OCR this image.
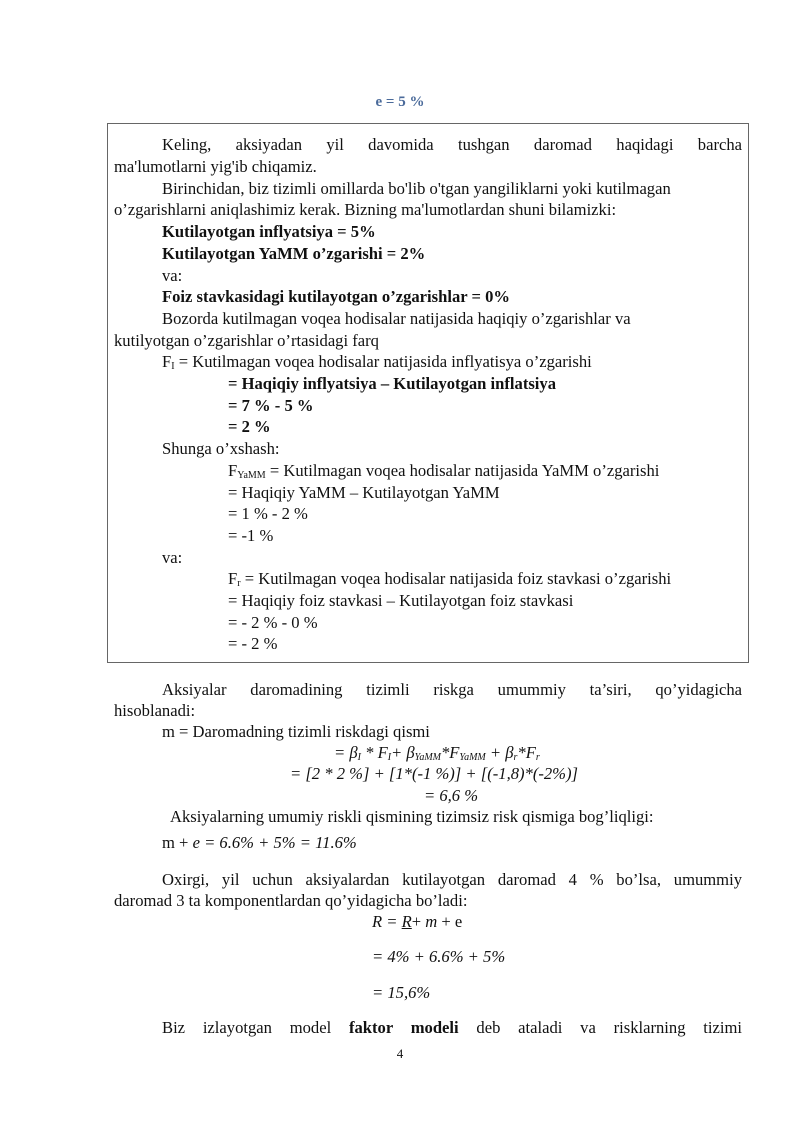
e = 5 %
Keling, aksiyadan yil davomida tushgan daromad haqidagi barcha
ma'lumotlarni yig'ib chiqamiz.
Birinchidan, biz tizimli omillarda bo'lib o'tgan yangiliklarni yoki kutilmagan
o’zgarishlarni aniqlashimiz kerak. Bizning ma'lumotlardan shuni bilamizki:
Kutilayotgan inflyatsiya = 5%
Kutilayotgan YaMM o’zgarishi = 2%
va:
Foiz stavkasidagi kutilayotgan o’zgarishlar = 0%
Bozorda kutilmagan voqea hodisalar natijasida haqiqiy o’zgarishlar va
kutilyotgan o’zgarishlar o’rtasidagi farq
$F_I$ = Kutilmagan voqea hodisalar natijasida inflyatisya o’zgarishi
= Haqiqiy inflyatsiya – Kutilayotgan inflatsiya
= 7 % - 5 %
= 2 %
Shunga o’xshash:
$F_{YaMM}$ = Kutilmagan voqea hodisalar natijasida YaMM o’zgarishi
= Haqiqiy YaMM – Kutilayotgan YaMM
= 1 % - 2 %
= -1 %
va:
$F_r$ = Kutilmagan voqea hodisalar natijasida foiz stavkasi o’zgarishi
= Haqiqiy foiz stavkasi – Kutilayotgan foiz stavkasi
= - 2 % - 0 %
= - 2 %
Aksiyalar daromadining tizimli riskga umummiy ta’siri, qo’yidagicha
hisoblanadi:
m = Daromadning tizimli riskdagi qismi
= $\beta_I * F_I+ \beta_{YaMM}*F_{YaMM} + \beta_r*F_r$
= [2 * 2 %] + [1*(-1 %)] + [(-1,8)*(-2%)]
= 6,6 %
Aksiyalarning umumiy riskli qismining tizimsiz risk qismiga bog’liqligi:
m + e = 6.6% + 5% = 11.6%
Oxirgi, yil uchun aksiyalardan kutilayotgan daromad 4 % bo’lsa, umummiy
daromad 3 ta komponentlardan qo’yidagicha bo’ladi:
R = R+ m + e
= 4% + 6.6% + 5%
= 15,6%
Biz izlayotgan model faktor modeli deb ataladi va risklarning tizimi
4
